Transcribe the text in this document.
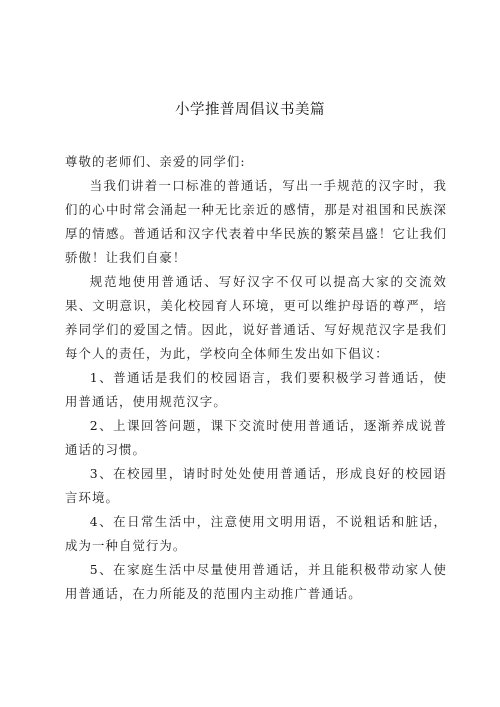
小学推普周倡议书美篇

尊敬的老师们、亲爱的同学们:

当我们讲着一口标准的普通话，写出一手规范的汉字时，我们的心中时常会涌起一种无比亲近的感情，那是对祖国和民族深厚的情感。普通话和汉字代表着中华民族的繁荣昌盛！它让我们骄傲！让我们自豪！

规范地使用普通话、写好汉字不仅可以提高大家的交流效果、文明意识，美化校园育人环境，更可以维护母语的尊严，培养同学们的爱国之情。因此，说好普通话、写好规范汉字是我们每个人的责任，为此，学校向全体师生发出如下倡议：

1、普通话是我们的校园语言，我们要积极学习普通话，使用普通话，使用规范汉字。

2、上课回答问题，课下交流时使用普通话，逐渐养成说普通话的习惯。

3、在校园里，请时时处处使用普通话，形成良好的校园语言环境。

4、在日常生活中，注意使用文明用语，不说粗话和脏话，成为一种自觉行为。

5、在家庭生活中尽量使用普通话，并且能积极带动家人使用普通话，在力所能及的范围内主动推广普通话。
